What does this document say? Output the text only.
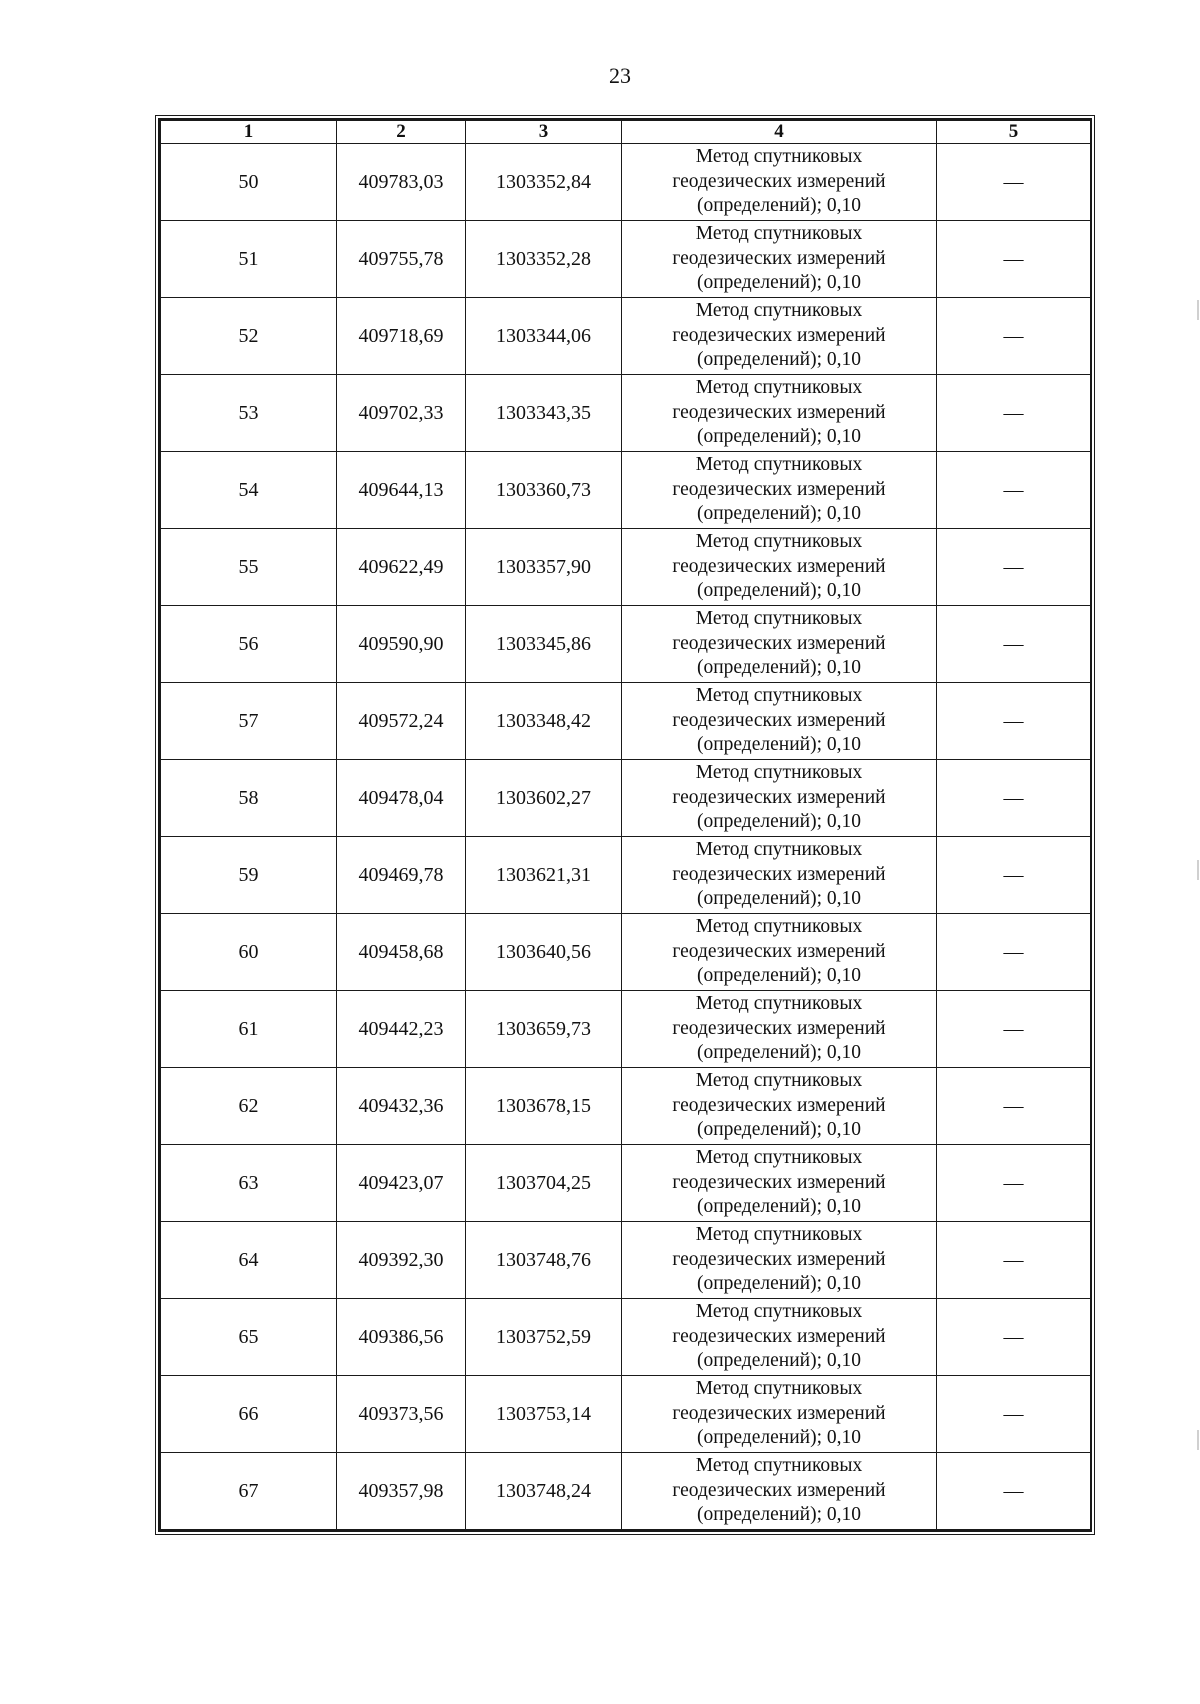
23
1	2	3	4	5
50	409783,03	1303352,84	Метод спутниковых
геодезических измерений
(определений); 0,10	—
51	409755,78	1303352,28	Метод спутниковых
геодезических измерений
(определений); 0,10	—
52	409718,69	1303344,06	Метод спутниковых
геодезических измерений
(определений); 0,10	—
53	409702,33	1303343,35	Метод спутниковых
геодезических измерений
(определений); 0,10	—
54	409644,13	1303360,73	Метод спутниковых
геодезических измерений
(определений); 0,10	—
55	409622,49	1303357,90	Метод спутниковых
геодезических измерений
(определений); 0,10	—
56	409590,90	1303345,86	Метод спутниковых
геодезических измерений
(определений); 0,10	—
57	409572,24	1303348,42	Метод спутниковых
геодезических измерений
(определений); 0,10	—
58	409478,04	1303602,27	Метод спутниковых
геодезических измерений
(определений); 0,10	—
59	409469,78	1303621,31	Метод спутниковых
геодезических измерений
(определений); 0,10	—
60	409458,68	1303640,56	Метод спутниковых
геодезических измерений
(определений); 0,10	—
61	409442,23	1303659,73	Метод спутниковых
геодезических измерений
(определений); 0,10	—
62	409432,36	1303678,15	Метод спутниковых
геодезических измерений
(определений); 0,10	—
63	409423,07	1303704,25	Метод спутниковых
геодезических измерений
(определений); 0,10	—
64	409392,30	1303748,76	Метод спутниковых
геодезических измерений
(определений); 0,10	—
65	409386,56	1303752,59	Метод спутниковых
геодезических измерений
(определений); 0,10	—
66	409373,56	1303753,14	Метод спутниковых
геодезических измерений
(определений); 0,10	—
67	409357,98	1303748,24	Метод спутниковых
геодезических измерений
(определений); 0,10	—
